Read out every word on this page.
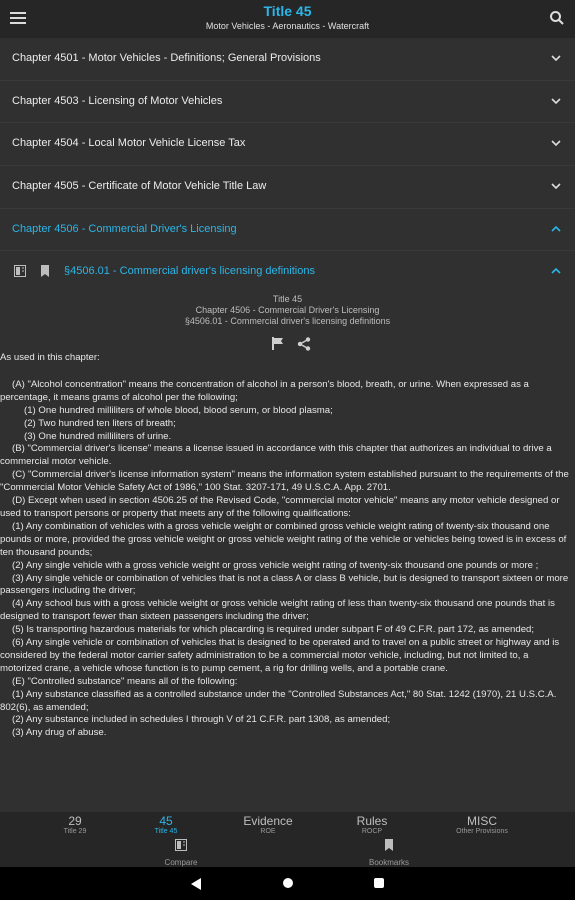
Title 45
Motor Vehicles - Aeronautics - Watercraft
Chapter 4501 - Motor Vehicles - Definitions; General Provisions
Chapter 4503 - Licensing of Motor Vehicles
Chapter 4504 - Local Motor Vehicle License Tax
Chapter 4505 - Certificate of Motor Vehicle Title Law
Chapter 4506 - Commercial Driver's Licensing
§4506.01 - Commercial driver's licensing definitions
Title 45
Chapter 4506 - Commercial Driver's Licensing
§4506.01 - Commercial driver's licensing definitions

As used in this chapter:

(A) "Alcohol concentration" means the concentration of alcohol in a person's blood, breath, or urine. When expressed as a percentage, it means grams of alcohol per the following;

(1) One hundred milliliters of whole blood, blood serum, or blood plasma;

(2) Two hundred ten liters of breath;

(3) One hundred milliliters of urine.

(B) "Commercial driver's license" means a license issued in accordance with this chapter that authorizes an individual to drive a commercial motor vehicle.

(C) "Commercial driver's license information system" means the information system established pursuant to the requirements of the "Commercial Motor Vehicle Safety Act of 1986," 100 Stat. 3207-171, 49 U.S.C.A. App. 2701.

(D) Except when used in section 4506.25 of the Revised Code, "commercial motor vehicle" means any motor vehicle designed or used to transport persons or property that meets any of the following qualifications:

(1) Any combination of vehicles with a gross vehicle weight or combined gross vehicle weight rating of twenty-six thousand one pounds or more, provided the gross vehicle weight or gross vehicle weight rating of the vehicle or vehicles being towed is in excess of ten thousand pounds;

(2) Any single vehicle with a gross vehicle weight or gross vehicle weight rating of twenty-six thousand one pounds or more ;

(3) Any single vehicle or combination of vehicles that is not a class A or class B vehicle, but is designed to transport sixteen or more passengers including the driver;

(4) Any school bus with a gross vehicle weight or gross vehicle weight rating of less than twenty-six thousand one pounds that is designed to transport fewer than sixteen passengers including the driver;

(5) Is transporting hazardous materials for which placarding is required under subpart F of 49 C.F.R. part 172, as amended;

(6) Any single vehicle or combination of vehicles that is designed to be operated and to travel on a public street or highway and is considered by the federal motor carrier safety administration to be a commercial motor vehicle, including, but not limited to, a motorized crane, a vehicle whose function is to pump cement, a rig for drilling wells, and a portable crane.

(E) "Controlled substance" means all of the following:

(1) Any substance classified as a controlled substance under the "Controlled Substances Act," 80 Stat. 1242 (1970), 21 U.S.C.A. 802(6), as amended;

(2) Any substance included in schedules I through V of 21 C.F.R. part 1308, as amended;

(3) Any drug of abuse.

29
Title 29
45
Title 45
Evidence
ROE
Rules
ROCP
MISC
Other Provisions
Compare	Bookmarks
